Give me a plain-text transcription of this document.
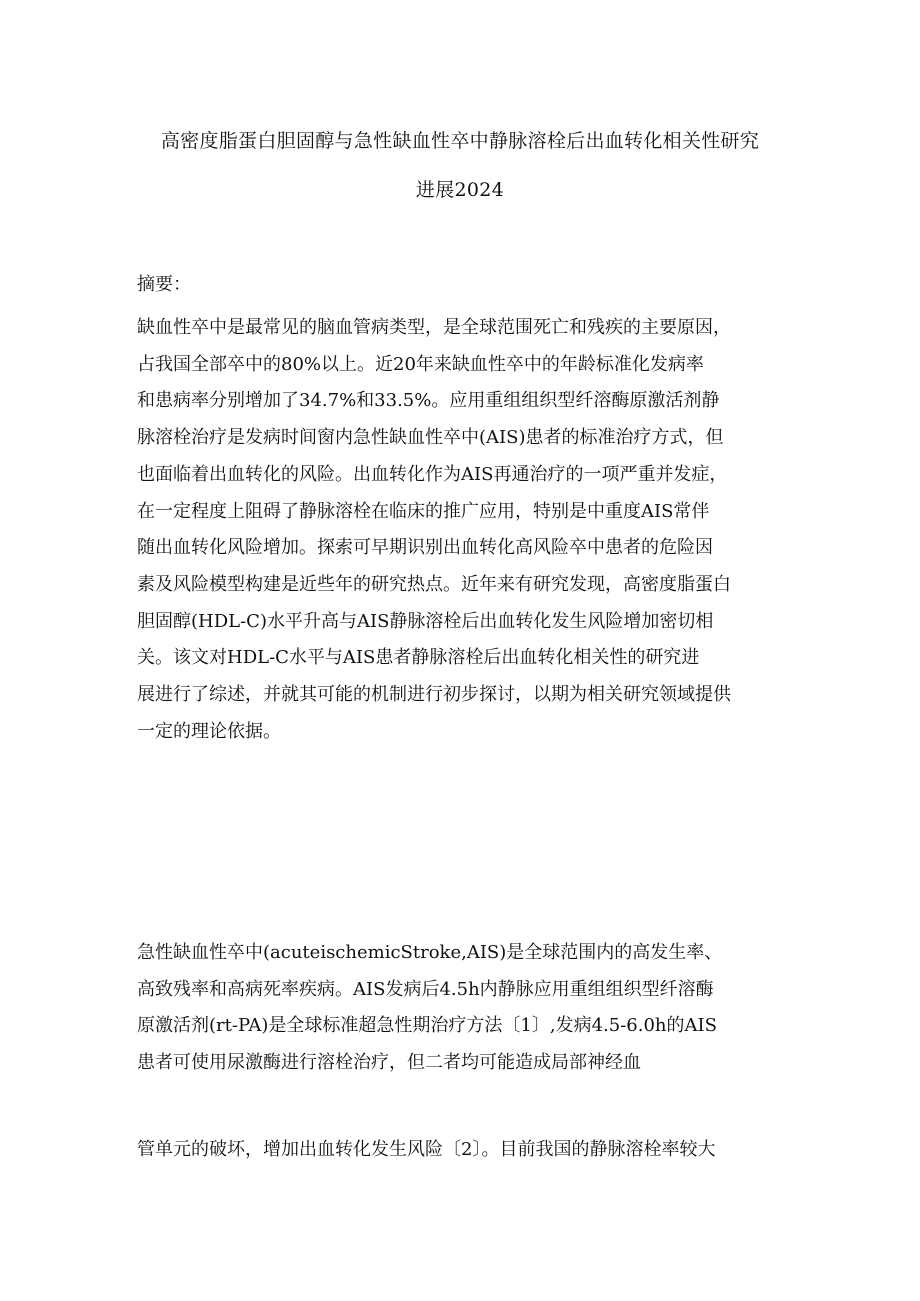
高密度脂蛋白胆固醇与急性缺血性卒中静脉溶栓后出血转化相关性研究
进展2024
摘要：
缺血性卒中是最常见的脑血管病类型，是全球范围死亡和残疾的主要原因，
占我国全部卒中的80%以上。近20年来缺血性卒中的年龄标准化发病率
和患病率分别增加了34.7%和33.5%。应用重组组织型纤溶酶原激活剂静
脉溶栓治疗是发病时间窗内急性缺血性卒中(AIS)患者的标准治疗方式，但
也面临着出血转化的风险。出血转化作为AIS再通治疗的一项严重并发症，
在一定程度上阻碍了静脉溶栓在临床的推广应用，特别是中重度AIS常伴
随出血转化风险增加。探索可早期识别出血转化高风险卒中患者的危险因
素及风险模型构建是近些年的研究热点。近年来有研究发现，高密度脂蛋白
胆固醇(HDL-C)水平升高与AIS静脉溶栓后出血转化发生风险增加密切相
关。该文对HDL-C水平与AIS患者静脉溶栓后出血转化相关性的研究进
展进行了综述，并就其可能的机制进行初步探讨，以期为相关研究领域提供
一定的理论依据。
急性缺血性卒中(acuteischemicStroke,AIS)是全球范围内的高发生率、
高致残率和高病死率疾病。AIS发病后4.5h内静脉应用重组组织型纤溶酶
原激活剂(rt-PA)是全球标准超急性期治疗方法〔1〕,发病4.5-6.0h的AIS
患者可使用尿激酶进行溶栓治疗，但二者均可能造成局部神经血
管单元的破坏，增加出血转化发生风险〔2〕。目前我国的静脉溶栓率较大
